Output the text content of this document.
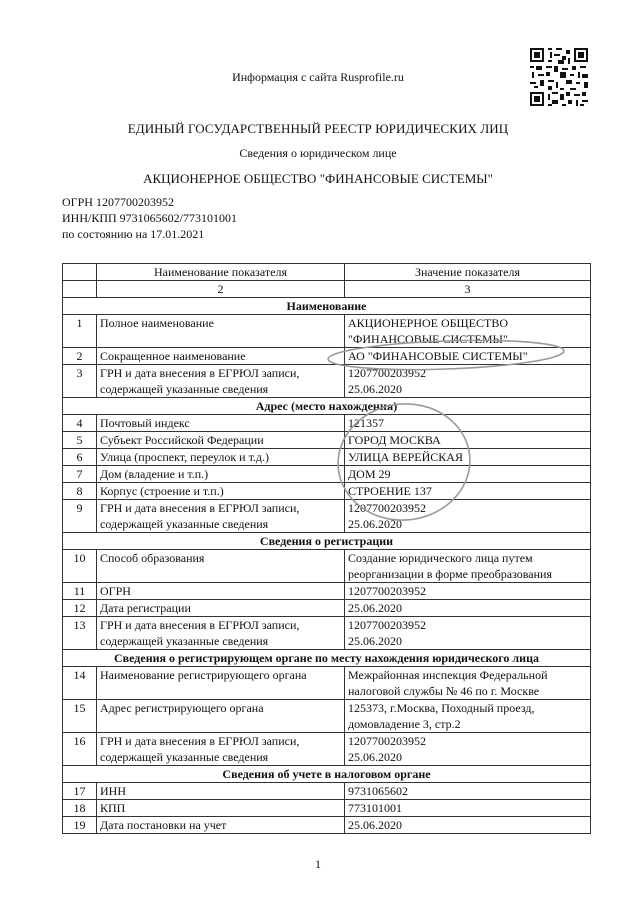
Информация с сайта Rusprofile.ru
ЕДИНЫЙ ГОСУДАРСТВЕННЫЙ РЕЕСТР ЮРИДИЧЕСКИХ ЛИЦ
Сведения о юридическом лице
АКЦИОНЕРНОЕ ОБЩЕСТВО "ФИНАНСОВЫЕ СИСТЕМЫ"
ОГРН 1207700203952
ИНН/КПП 9731065602/773101001
по состоянию на 17.01.2021
	Наименование показателя	Значение показателя
	2	3
Наименование		
1	Полное наименование	АКЦИОНЕРНОЕ ОБЩЕСТВО "ФИНАНСОВЫЕ СИСТЕМЫ"
2	Сокращенное наименование	АО "ФИНАНСОВЫЕ СИСТЕМЫ"
3	ГРН и дата внесения в ЕГРЮЛ записи, содержащей указанные сведения	1207700203952
25.06.2020

Адрес (место нахождения)		
4	Почтовый индекс	121357
5	Субъект Российской Федерации	ГОРОД МОСКВА
6	Улица (проспект, переулок и т.д.)	УЛИЦА ВЕРЕЙСКАЯ
7	Дом (владение и т.п.)	ДОМ 29
8	Корпус (строение и т.п.)	СТРОЕНИЕ 137
9	ГРН и дата внесения в ЕГРЮЛ записи, содержащей указанные сведения	1207700203952
25.06.2020

Сведения о регистрации		
10	Способ образования	Создание юридического лица путем реорганизации в форме преобразования
11	ОГРН	1207700203952
12	Дата регистрации	25.06.2020
13	ГРН и дата внесения в ЕГРЮЛ записи, содержащей указанные сведения	1207700203952
25.06.2020

Сведения о регистрирующем органе по месту нахождения юридического лица		
14	Наименование регистрирующего органа	Межрайонная инспекция Федеральной налоговой службы № 46 по г. Москве
15	Адрес регистрирующего органа	125373, г.Москва, Походный проезд, домовладение 3, стр.2
16	ГРН и дата внесения в ЕГРЮЛ записи, содержащей указанные сведения	1207700203952
25.06.2020

Сведения об учете в налоговом органе		
17	ИНН	9731065602
18	КПП	773101001
19	Дата постановки на учет	25.06.2020
1
